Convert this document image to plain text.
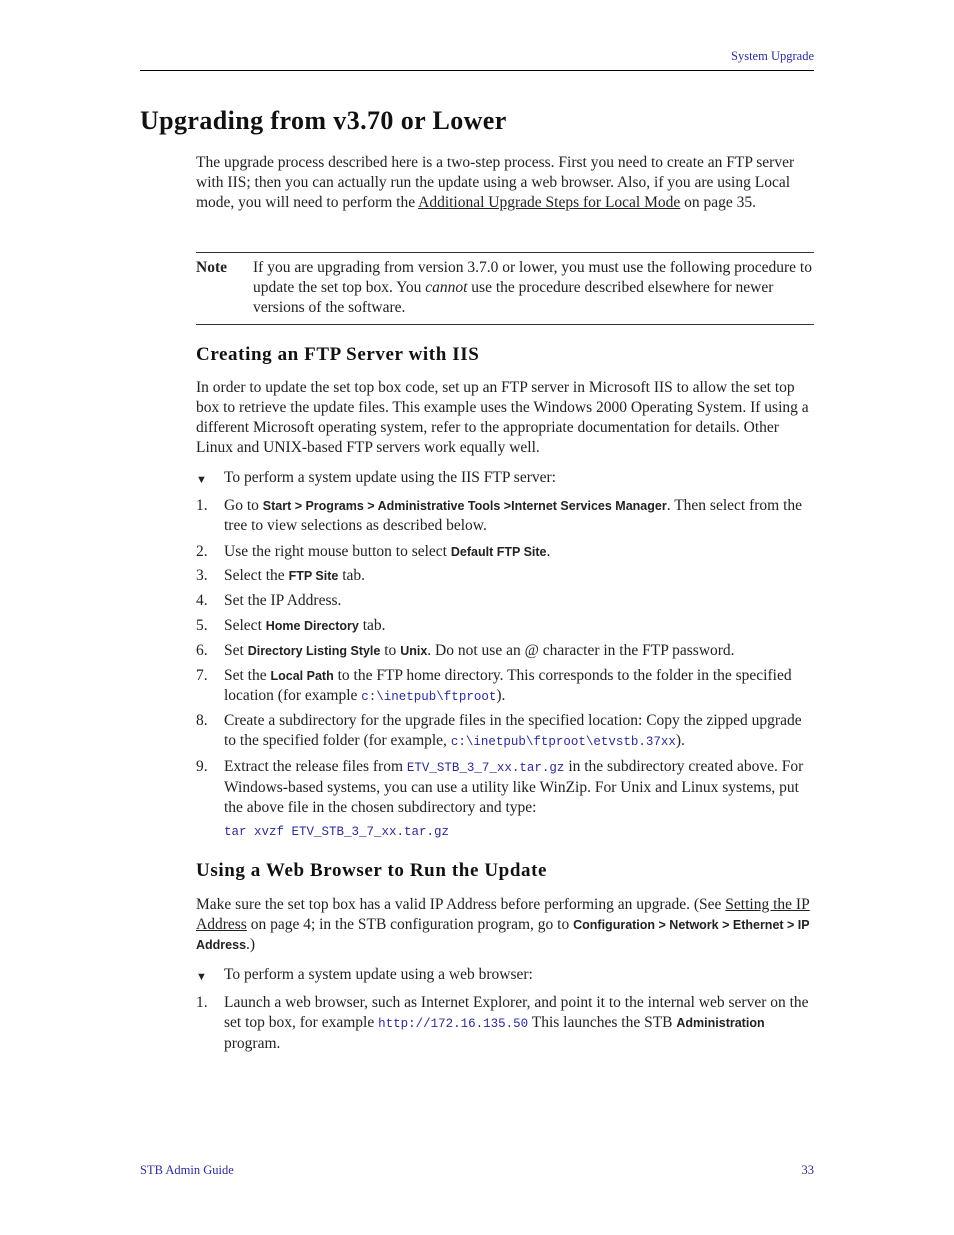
System Upgrade
Upgrading from v3.70 or Lower

The upgrade process described here is a two-step process. First you need to create an FTP server with IIS; then you can actually run the update using a web browser. Also, if you are using Local mode, you will need to perform the Additional Upgrade Steps for Local Mode on page 35.

Note If you are upgrading from version 3.7.0 or lower, you must use the following procedure to update the set top box. You cannot use the procedure described elsewhere for newer versions of the software.
Creating an FTP Server with IIS

In order to update the set top box code, set up an FTP server in Microsoft IIS to allow the set top box to retrieve the update files. This example uses the Windows 2000 Operating System. If using a different Microsoft operating system, refer to the appropriate documentation for details. Other Linux and UNIX-based FTP servers work equally well.

▼ To perform a system update using the IIS FTP server:
1. Go to Start > Programs > Administrative Tools >Internet Services Manager. Then select from the tree to view selections as described below.
2. Use the right mouse button to select Default FTP Site.
3. Select the FTP Site tab.
4. Set the IP Address.
5. Select Home Directory tab.
6. Set Directory Listing Style to Unix. Do not use an @ character in the FTP password.
7. Set the Local Path to the FTP home directory. This corresponds to the folder in the specified location (for example c:\inetpub\ftproot).
8. Create a subdirectory for the upgrade files in the specified location: Copy the zipped upgrade to the specified folder (for example, c:\inetpub\ftproot\etvstb.37xx).
9. Extract the release files from ETV_STB_3_7_xx.tar.gz in the subdirectory created above. For Windows-based systems, you can use a utility like WinZip. For Unix and Linux systems, put the above file in the chosen subdirectory and type:
tar xvzf ETV_STB_3_7_xx.tar.gz
Using a Web Browser to Run the Update

Make sure the set top box has a valid IP Address before performing an upgrade. (See Setting the IP Address on page 4; in the STB configuration program, go to Configuration > Network > Ethernet > IP Address.)

▼ To perform a system update using a web browser:
1. Launch a web browser, such as Internet Explorer, and point it to the internal web server on the set top box, for example http://172.16.135.50 This launches the STB Administration program.
STB Admin Guide	33
